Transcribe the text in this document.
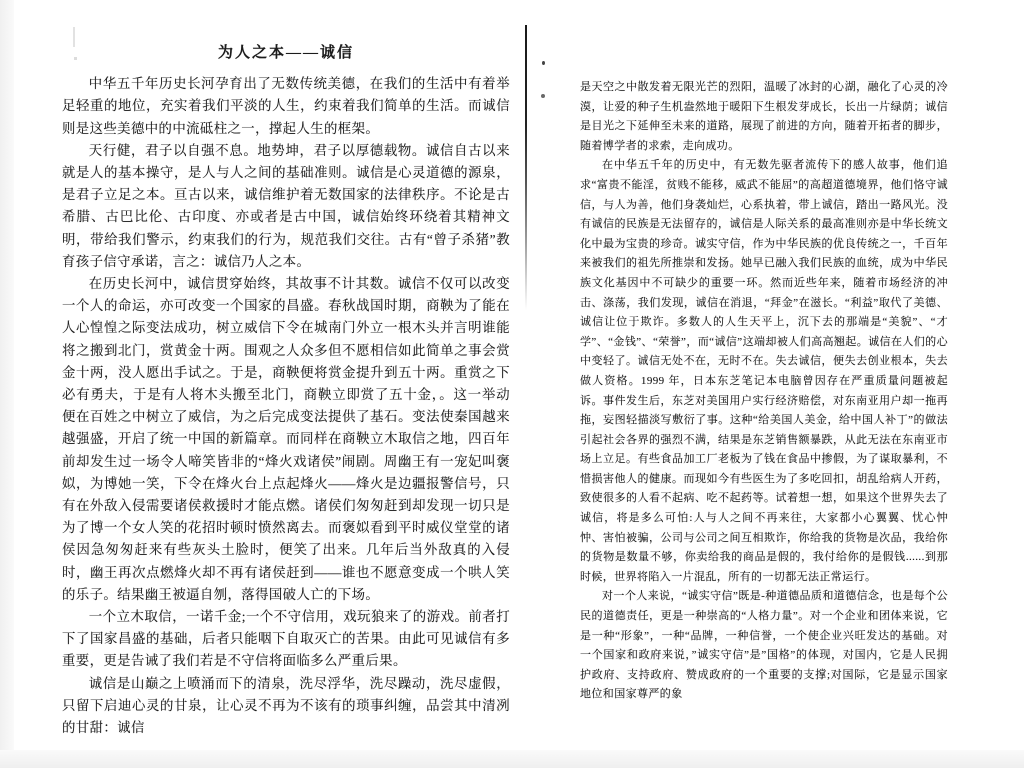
为人之本——诚信

中华五千年历史长河孕育出了无数传统美德，在我们的生活中有着举足轻重的地位，充实着我们平淡的人生，约束着我们简单的生活。而诚信则是这些美德中的中流砥柱之一，撑起人生的框架。

天行健，君子以自强不息。地势坤，君子以厚德载物。诚信自古以来就是人的基本操守，是人与人之间的基础准则。诚信是心灵道德的源泉，是君子立足之本。亘古以来，诚信维护着无数国家的法律秩序。不论是古希腊、古巴比伦、古印度、亦或者是古中国，诚信始终环绕着其精神文明，带给我们警示，约束我们的行为，规范我们交往。古有“曾子杀猪”教育孩子信守承诺，言之：诚信乃人之本。

在历史长河中，诚信贯穿始终，其故事不计其数。诚信不仅可以改变一个人的命运，亦可改变一个国家的昌盛。春秋战国时期，商鞅为了能在人心惶惶之际变法成功，树立威信下令在城南门外立一根木头并言明谁能将之搬到北门，赏黄金十两。围观之人众多但不愿相信如此简单之事会赏金十两，没人愿出手试之。于是，商鞅便将赏金提升到五十两。重赏之下必有勇夫，于是有人将木头搬至北门，商鞅立即赏了五十金，。这一举动便在百姓之中树立了威信，为之后完成变法提供了基石。变法使秦国越来越强盛，开启了统一中国的新篇章。而同样在商鞅立木取信之地，四百年前却发生过一场令人啼笑皆非的“烽火戏诸侯”闹剧。周幽王有一宠妃叫褒姒，为博她一笑，下令在烽火台上点起烽火——烽火是边疆报警信号，只有在外敌入侵需要诸侯救援时才能点燃。诸侯们匆匆赶到却发现一切只是为了博一个女人笑的花招时顿时愤然离去。而褒姒看到平时威仪堂堂的诸侯因急匆匆赶来有些灰头土脸时，便笑了出来。几年后当外敌真的入侵时，幽王再次点燃烽火却不再有诸侯赶到——谁也不愿意变成一个哄人笑的乐子。结果幽王被逼自刎，落得国破人亡的下场。

一个立木取信，一诺千金;一个不守信用，戏玩狼来了的游戏。前者打下了国家昌盛的基础，后者只能咽下自取灭亡的苦果。由此可见诚信有多重要，更是告诫了我们若是不守信将面临多么严重后果。

诚信是山巅之上喷涌而下的清泉，洗尽浮华，洗尽躁动，洗尽虚假，只留下启迪心灵的甘泉，让心灵不再为不该有的琐事纠缠，品尝其中清冽的甘甜：诚信

是天空之中散发着无限光芒的烈阳，温暖了冰封的心湖，融化了心灵的冷漠，让爱的种子生机盎然地于暖阳下生根发芽成长，长出一片绿荫；诚信是目光之下延伸至未来的道路，展现了前进的方向，随着开拓者的脚步，随着博学者的求索，走向成功。

在中华五千年的历史中，有无数先驱者流传下的感人故事，他们追求“富贵不能淫，贫贱不能移，威武不能屈”的高超道德境界，他们恪守诚信，与人为善，他们身袭灿烂，心系执着，带上诚信，踏出一路风光。没有诚信的民族是无法留存的，诚信是人际关系的最高准则亦是中华长统文化中最为宝贵的珍奇。诚实守信，作为中华民族的优良传统之一，千百年来被我们的祖先所推崇和发扬。她早已融入我们民族的血统，成为中华民族文化基因中不可缺少的重要一环。然而近些年来，随着市场经济的冲击、涤荡，我们发现，诚信在消退，“拜金”在滋长。“利益”取代了美德、诚信让位于欺诈。多数人的人生天平上，沉下去的那端是“美貌”、“才学”、“金钱”、“荣誉”，而“诚信”这端却被人们高高翘起。诚信在人们的心中变轻了。诚信无处不在，无时不在。失去诚信，便失去创业根本，失去做人资格。1999 年，日本东芝笔记本电脑曾因存在严重质量问题被起诉。事件发生后，东芝对美国用户实行经济赔偿，对东南亚用户却一拖再拖，妄图轻描淡写敷衍了事。这种“给美国人美金，给中国人补丁”的做法引起社会各界的强烈不满，结果是东芝销售额暴跌，从此无法在东南亚市场上立足。有些食品加工厂老板为了钱在食品中掺假，为了谋取暴利，不惜损害他人的健康。而现如今有些医生为了多吃回扣，胡乱给病人开药，致使很多的人看不起病、吃不起药等。试着想一想，如果这个世界失去了诚信，将是多么可怕:人与人之间不再来往，大家都小心翼翼、忧心忡忡、害怕被骗，公司与公司之间互相欺诈，你给我的货物是次品，我给你的货物是数量不够，你卖给我的商品是假的，我付给你的是假钱......到那时候，世界将陷入一片混乱，所有的一切都无法正常运行。

对一个人来说，“诚实守信”既是-种道德品质和道德信念，也是每个公民的道德责任，更是一种崇高的“人格力量”。对一个企业和团体来说，它是一种“形象”，一种“品牌，一种信誉，一个使企业兴旺发达的基础。对一个国家和政府来说，”诚实守信”是”国格”的体现，对国内，它是人民拥护政府、支持政府、赞成政府的一个重要的支撑;对国际，它是显示国家地位和国家尊严的象
